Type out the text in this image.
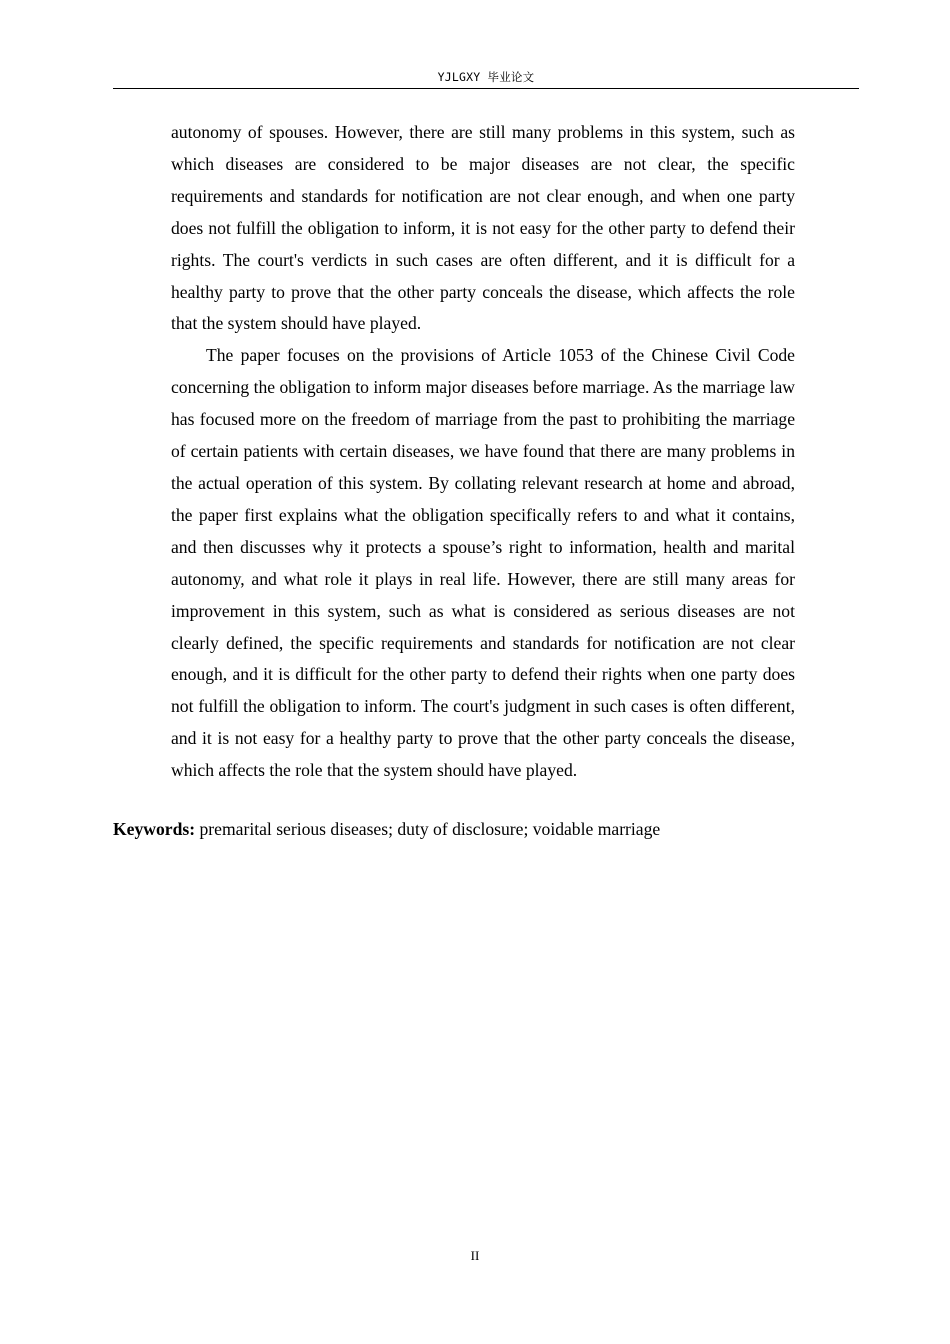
YJLGXY 毕业论文

autonomy of spouses. However, there are still many problems in this system, such as which diseases are considered to be major diseases are not clear, the specific requirements and standards for notification are not clear enough, and when one party does not fulfill the obligation to inform, it is not easy for the other party to defend their rights. The court's verdicts in such cases are often different, and it is difficult for a healthy party to prove that the other party conceals the disease, which affects the role that the system should have played.

The paper focuses on the provisions of Article 1053 of the Chinese Civil Code concerning the obligation to inform major diseases before marriage. As the marriage law has focused more on the freedom of marriage from the past to prohibiting the marriage of certain patients with certain diseases, we have found that there are many problems in the actual operation of this system. By collating relevant research at home and abroad, the paper first explains what the obligation specifically refers to and what it contains, and then discusses why it protects a spouse’s right to information, health and marital autonomy, and what role it plays in real life. However, there are still many areas for improvement in this system, such as what is considered as serious diseases are not clearly defined, the specific requirements and standards for notification are not clear enough, and it is difficult for the other party to defend their rights when one party does not fulfill the obligation to inform. The court's judgment in such cases is often different, and it is not easy for a healthy party to prove that the other party conceals the disease, which affects the role that the system should have played.

Keywords: premarital serious diseases; duty of disclosure; voidable marriage
II
